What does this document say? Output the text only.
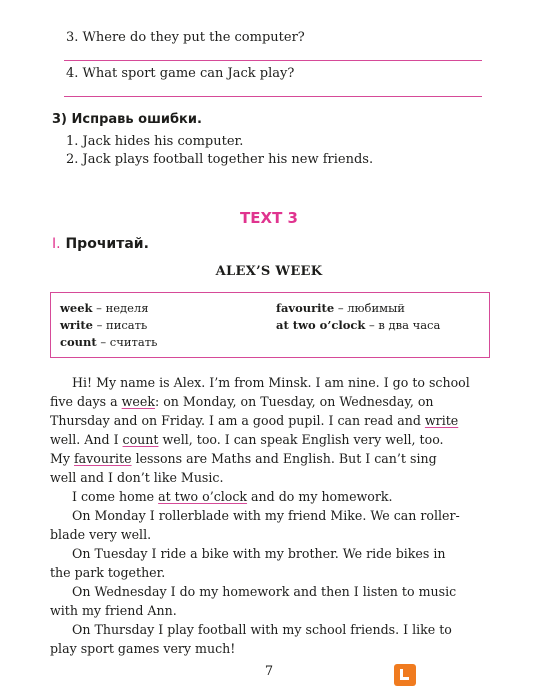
3. Where do they put the computer?
4. What sport game can Jack play?
3) Исправь ошибки.
1. Jack hides his computer.
2. Jack plays football together his new friends.
TEXT 3
I. Прочитай.
ALEX’S WEEK
week – неделя
write – писать
count – считать
favourite – любимый
at two o’clock – в два часа
Hi! My name is Alex. I’m from Minsk. I am nine. I go to school
five days a week: on Monday, on Tuesday, on Wednesday, on
Thursday and on Friday. I am a good pupil. I can read and write
well. And I count well, too. I can speak English very well, too.
My favourite lessons are Maths and English. But I can’t sing
well and I don’t like Music.
I come home at two o’clock and do my homework.
On Monday I rollerblade with my friend Mike. We can roller-
blade very well.
On Tuesday I ride a bike with my brother. We ride bikes in
the park together.
On Wednesday I do my homework and then I listen to music
with my friend Ann.
On Thursday I play football with my school friends. I like to
play sport games very much!
7
